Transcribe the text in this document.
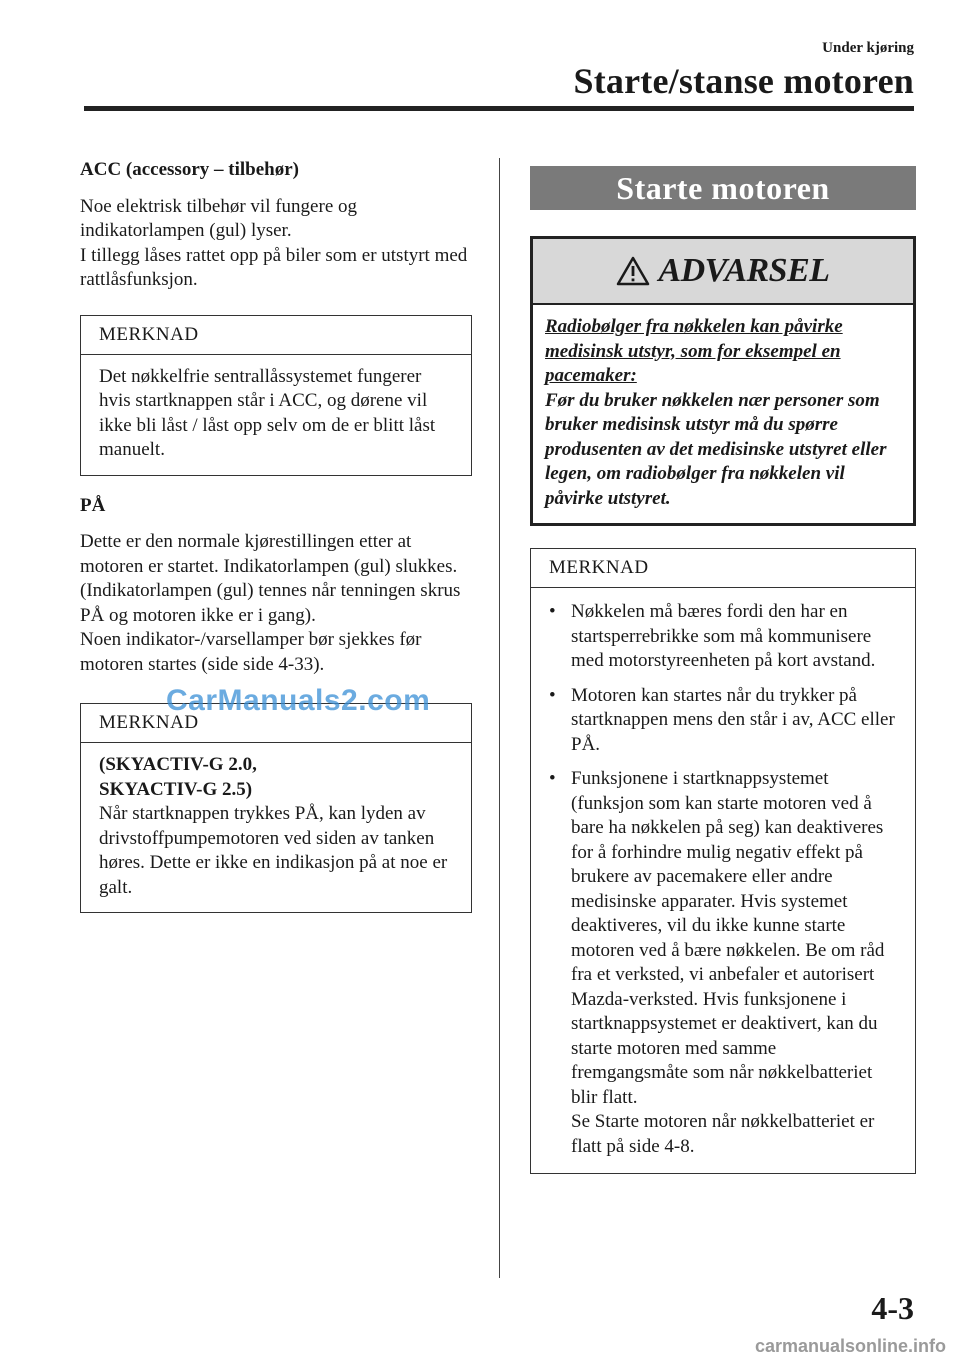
Under kjøring
Starte/stanse motoren

ACC (accessory – tilbehør)

Noe elektrisk tilbehør vil fungere og indikatorlampen (gul) lyser.

I tillegg låses rattet opp på biler som er utstyrt med rattlåsfunksjon.

MERKNAD
Det nøkkelfrie sentrallåssystemet fungerer hvis startknappen står i ACC, og dørene vil ikke bli låst / låst opp selv om de er blitt låst manuelt.

PÅ

Dette er den normale kjørestillingen etter at motoren er startet. Indikatorlampen (gul) slukkes. (Indikatorlampen (gul) tennes når tenningen skrus PÅ og motoren ikke er i gang).

Noen indikator-/varsellamper bør sjekkes før motoren startes (side side 4-33).

MERKNAD
(SKYACTIV-G 2.0,
SKYACTIV-G 2.5)
Når startknappen trykkes PÅ, kan lyden av drivstoffpumpemotoren ved siden av tanken høres. Dette er ikke en indikasjon på at noe er galt.
Starte motoren
ADVARSEL
Radiobølger fra nøkkelen kan påvirke medisinsk utstyr, som for eksempel en pacemaker:
Før du bruker nøkkelen nær personer som bruker medisinsk utstyr må du spørre produsenten av det medisinske utstyret eller legen, om radiobølger fra nøkkelen vil påvirke utstyret.
MERKNAD
• Nøkkelen må bæres fordi den har en startsperrebrikke som må kommunisere med motorstyreenheten på kort avstand.
• Motoren kan startes når du trykker på startknappen mens den står i av, ACC eller PÅ.
• Funksjonene i startknappsystemet (funksjon som kan starte motoren ved å bare ha nøkkelen på seg) kan deaktiveres for å forhindre mulig negativ effekt på brukere av pacemakere eller andre medisinske apparater. Hvis systemet deaktiveres, vil du ikke kunne starte motoren ved å bære nøkkelen. Be om råd fra et verksted, vi anbefaler et autorisert Mazda-verksted. Hvis funksjonene i startknappsystemet er deaktivert, kan du starte motoren med samme fremgangsmåte som når nøkkelbatteriet blir flatt.
Se Starte motoren når nøkkelbatteriet er flatt på side 4-8.
CarManuals2.com
4-3
carmanualsonline.info
